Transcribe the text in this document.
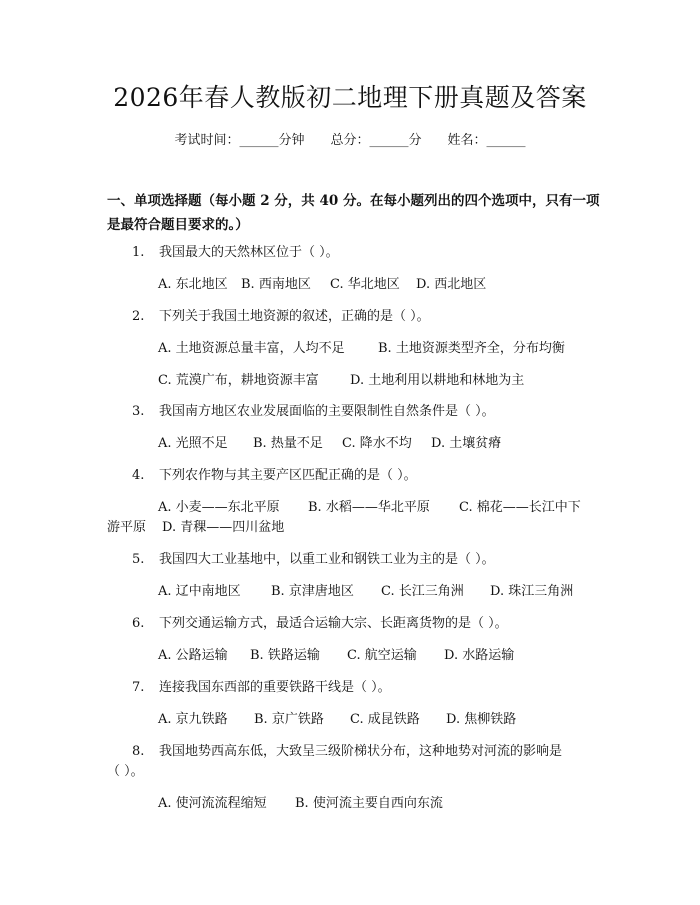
2026年春人教版初二地理下册真题及答案
考试时间：______分钟 总分：______分 姓名：______
一、单项选择题（每小题 2 分，共 40 分。在每小题列出的四个选项中，只有一项
是最符合题目要求的。）
1. 我国最大的天然林区位于（ ）。
A. 东北地区 B. 西南地区 C. 华北地区 D. 西北地区
2. 下列关于我国土地资源的叙述，正确的是（ ）。
A. 土地资源总量丰富，人均不足	B. 土地资源类型齐全，分布均衡
C. 荒漠广布，耕地资源丰富 D. 土地利用以耕地和林地为主
3. 我国南方地区农业发展面临的主要限制性自然条件是（ ）。
A. 光照不足 B. 热量不足 C. 降水不均 D. 土壤贫瘠
4. 下列农作物与其主要产区匹配正确的是（ ）。
A. 小麦——东北平原 B. 水稻——华北平原 C. 棉花——长江中下
游平原 D. 青稞——四川盆地
5. 我国四大工业基地中，以重工业和钢铁工业为主的是（ ）。
A. 辽中南地区 B. 京津唐地区 C. 长江三角洲 D. 珠江三角洲
6. 下列交通运输方式，最适合运输大宗、长距离货物的是（ ）。
A. 公路运输 B. 铁路运输 C. 航空运输 D. 水路运输
7. 连接我国东西部的重要铁路干线是（ ）。
A. 京九铁路 B. 京广铁路 C. 成昆铁路 D. 焦柳铁路
8. 我国地势西高东低，大致呈三级阶梯状分布，这种地势对河流的影响是
（ ）。
A. 使河流流程缩短 B. 使河流主要自西向东流
